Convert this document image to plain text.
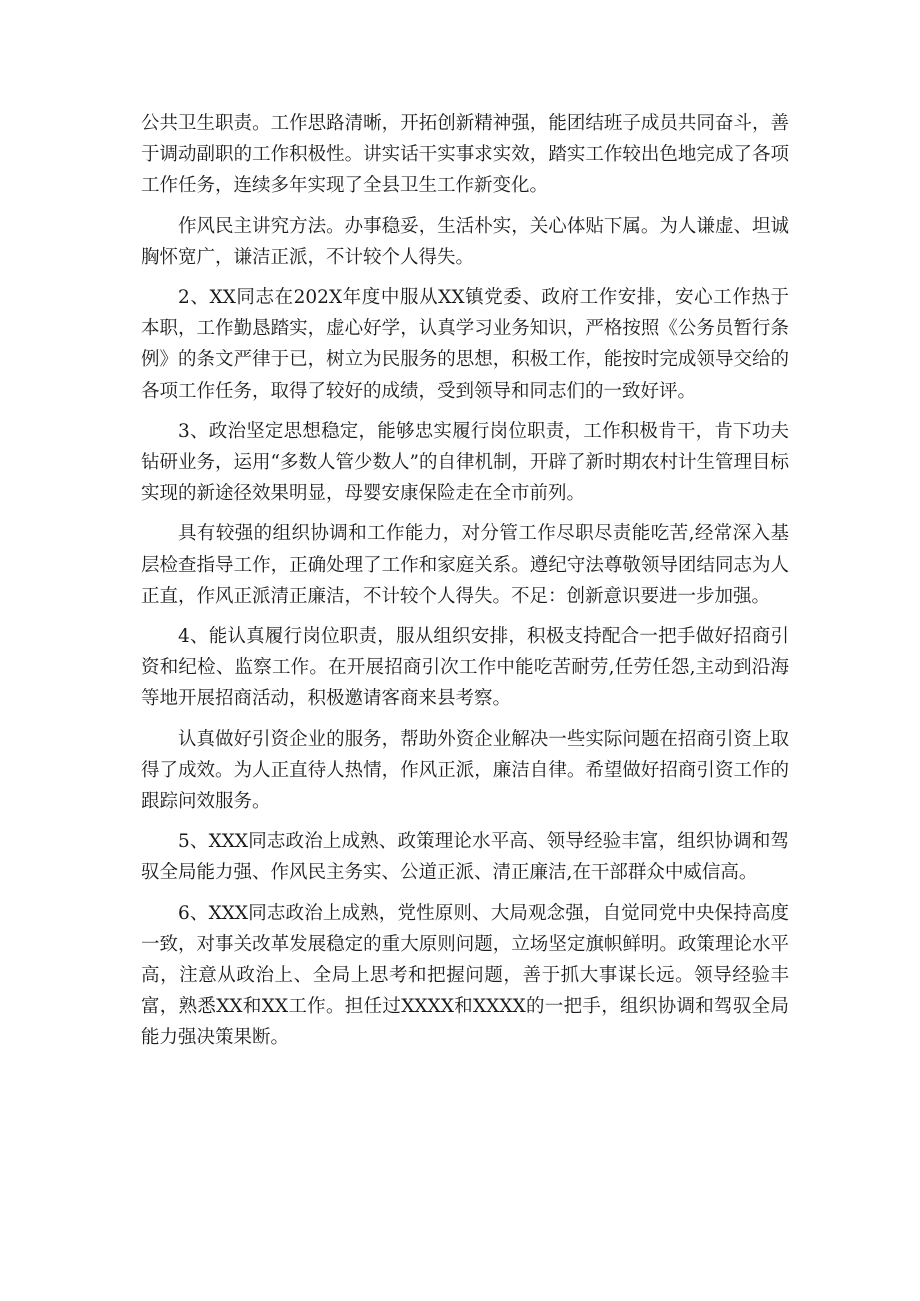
公共卫生职责。工作思路清晰，开拓创新精神强，能团结班子成员共同奋斗，善于调动副职的工作积极性。讲实话干实事求实效，踏实工作较出色地完成了各项工作任务，连续多年实现了全县卫生工作新变化。

作风民主讲究方法。办事稳妥，生活朴实，关心体贴下属。为人谦虚、坦诚胸怀宽广，谦洁正派，不计较个人得失。

2、XX同志在202X年度中服从XX镇党委、政府工作安排，安心工作热于本职，工作勤恳踏实，虚心好学，认真学习业务知识，严格按照《公务员暂行条例》的条文严律于已，树立为民服务的思想，积极工作，能按时完成领导交给的各项工作任务，取得了较好的成绩，受到领导和同志们的一致好评。

3、政治坚定思想稳定，能够忠实履行岗位职责，工作积极肯干，肯下功夫钻研业务，运用“多数人管少数人”的自律机制，开辟了新时期农村计生管理目标实现的新途径效果明显，母婴安康保险走在全市前列。

具有较强的组织协调和工作能力，对分管工作尽职尽责能吃苦,经常深入基层检查指导工作，正确处理了工作和家庭关系。遵纪守法尊敬领导团结同志为人正直，作风正派清正廉洁，不计较个人得失。不足：创新意识要进一步加强。

4、能认真履行岗位职责，服从组织安排，积极支持配合一把手做好招商引资和纪检、监察工作。在开展招商引次工作中能吃苦耐劳,任劳任怨,主动到沿海等地开展招商活动，积极邀请客商来县考察。

认真做好引资企业的服务，帮助外资企业解决一些实际问题在招商引资上取得了成效。为人正直待人热情，作风正派，廉洁自律。希望做好招商引资工作的跟踪问效服务。

5、XXX同志政治上成熟、政策理论水平高、领导经验丰富，组织协调和驾驭全局能力强、作风民主务实、公道正派、清正廉洁,在干部群众中威信高。

6、XXX同志政治上成熟，党性原则、大局观念强，自觉同党中央保持高度一致，对事关改革发展稳定的重大原则问题，立场坚定旗帜鲜明。政策理论水平高，注意从政治上、全局上思考和把握问题，善于抓大事谋长远。领导经验丰富，熟悉XX和XX工作。担任过XXXX和XXXX的一把手，组织协调和驾驭全局能力强决策果断。
